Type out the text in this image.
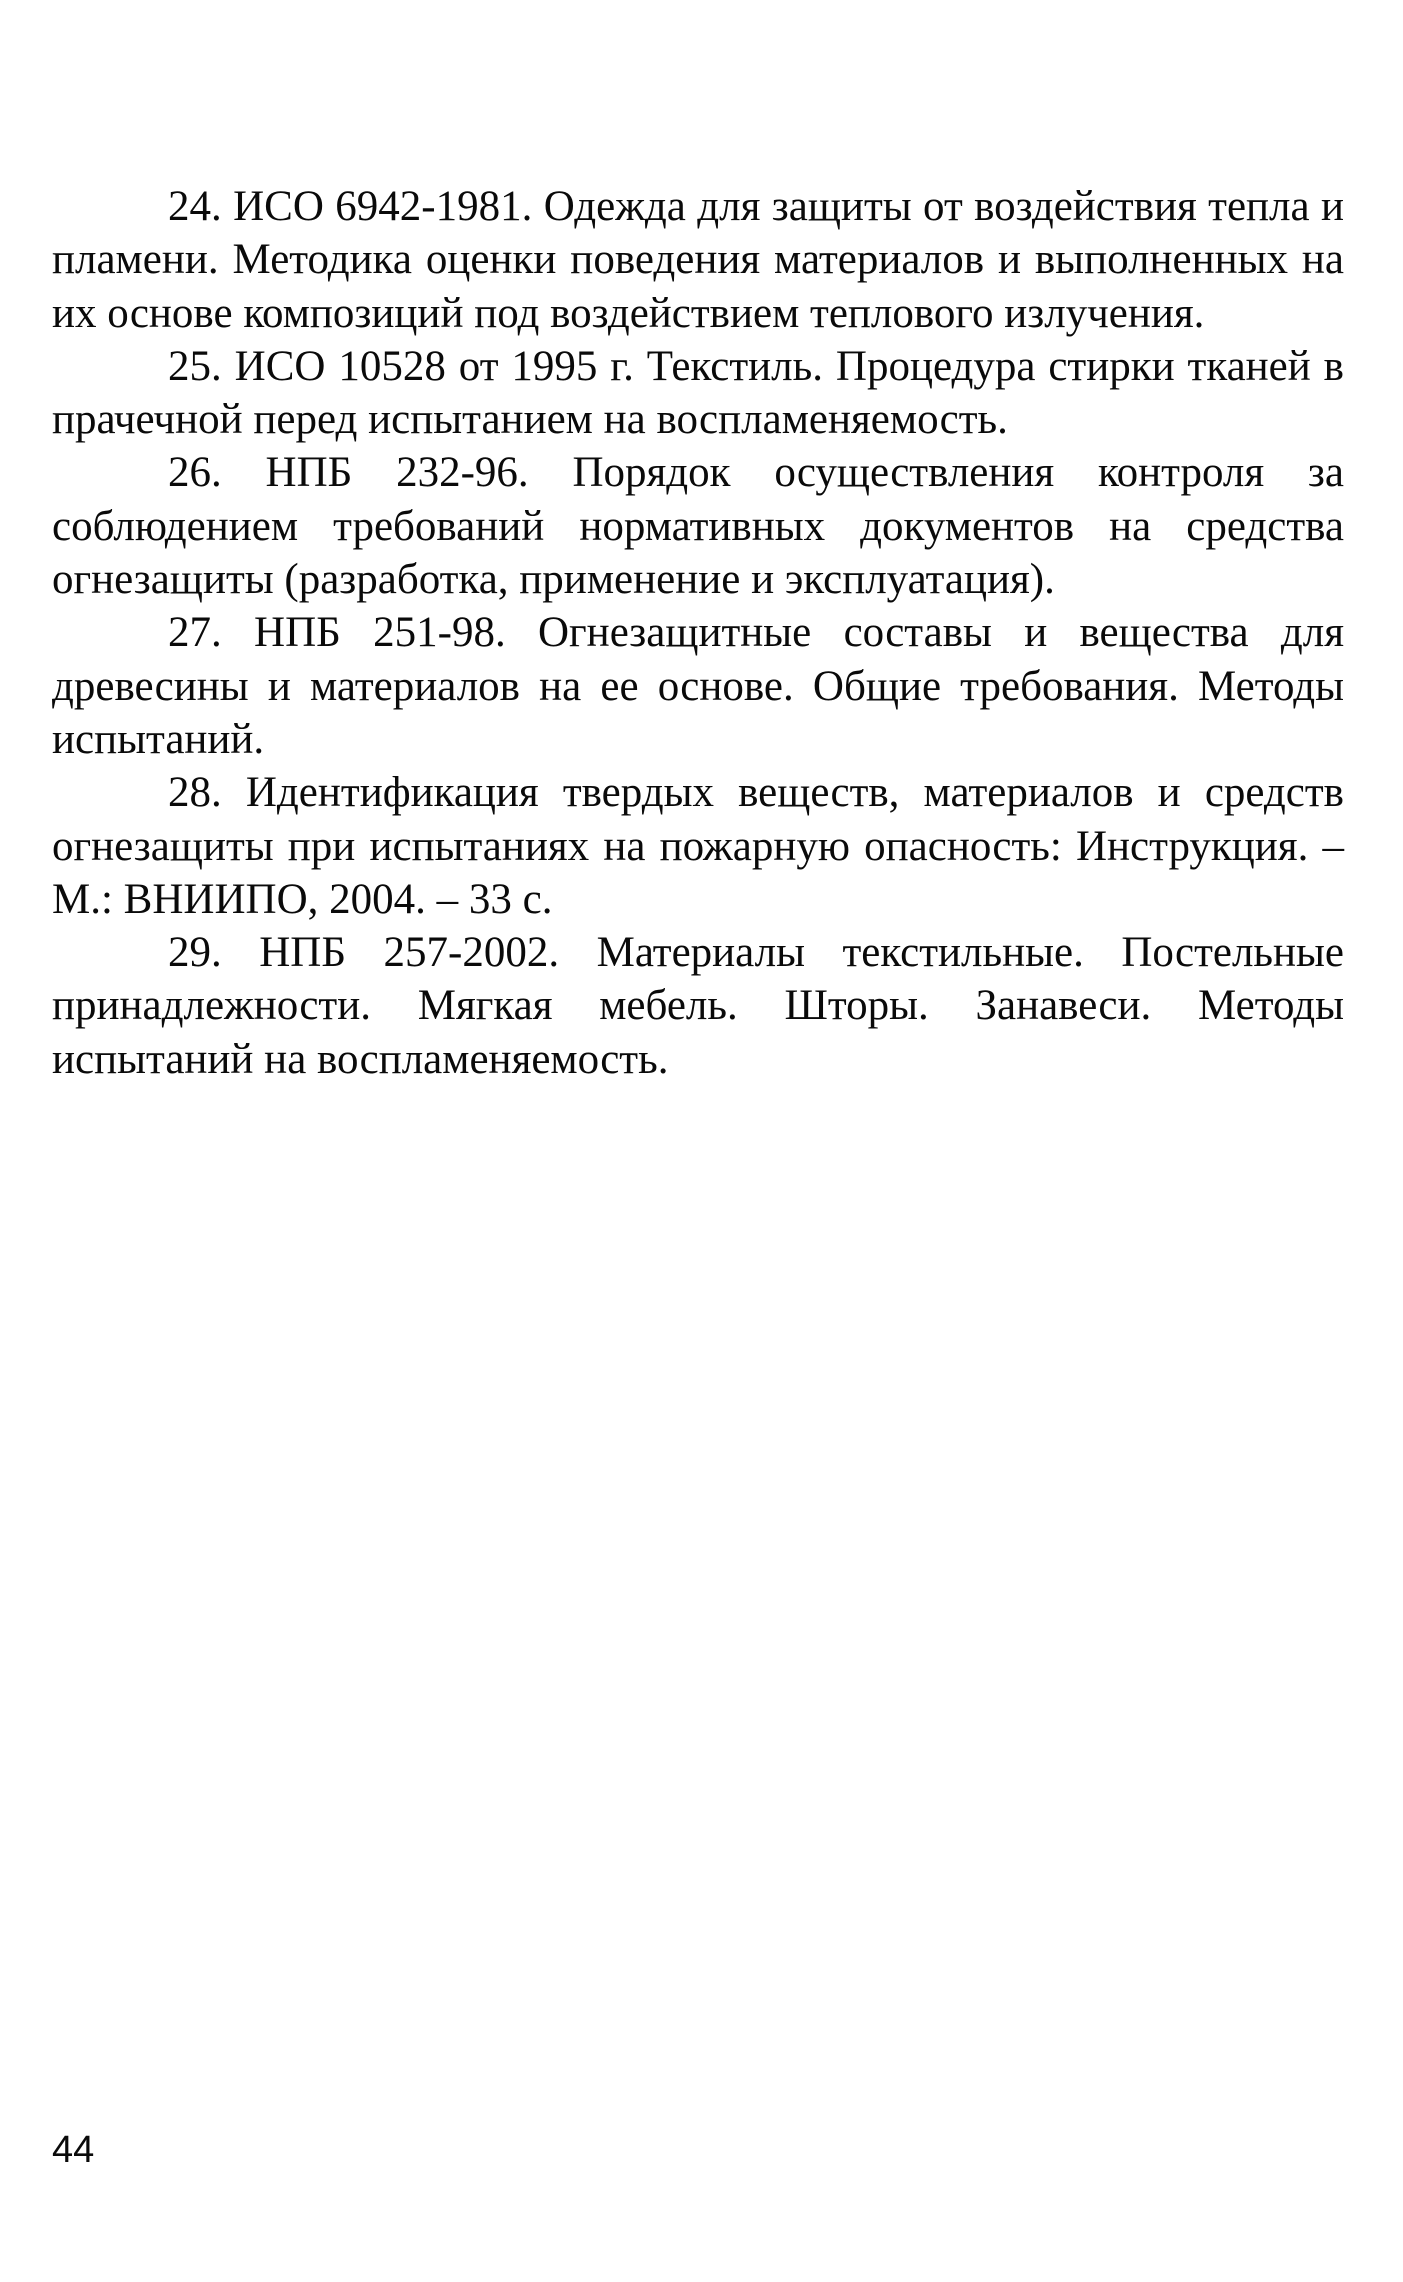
24. ИСО 6942-1981. Одежда для защиты от воздействия тепла и пламени. Методика оценки поведения материалов и выполненных на их основе композиций под воздействием теплового излучения.

25. ИСО 10528 от 1995 г. Текстиль. Процедура стирки тканей в прачечной перед испытанием на воспламеняемость.

26. НПБ 232-96. Порядок осуществления контроля за соблюдением требований нормативных документов на средства огнезащиты (разработка, применение и эксплуатация).

27. НПБ 251-98. Огнезащитные составы и вещества для древесины и материалов на ее основе. Общие требования. Методы испытаний.

28. Идентификация твердых веществ, материалов и средств огнезащиты при испытаниях на пожарную опасность: Инструкция. – М.: ВНИИПО, 2004. – 33 с.

29. НПБ 257-2002. Материалы текстильные. Постельные принадлежности. Мягкая мебель. Шторы. Занавеси. Методы испытаний на воспламеняемость.

44
